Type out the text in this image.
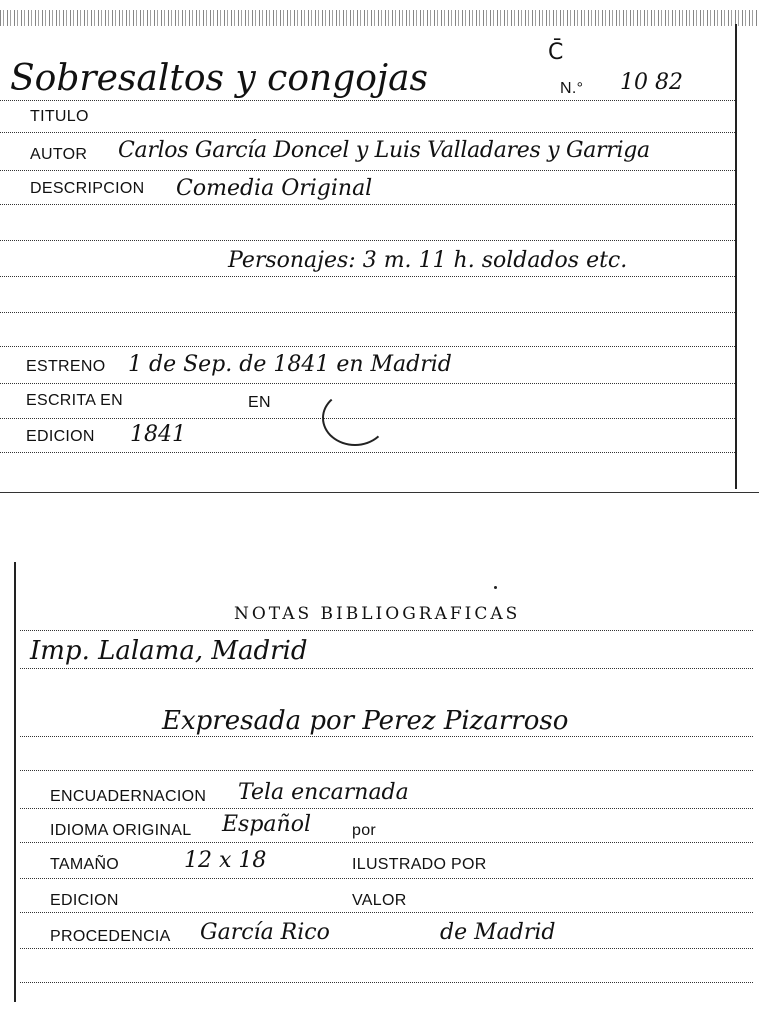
Sobresaltos y congojas
C̄
N.° 10 82
TITULO
AUTOR Carlos García Doncel y Luis Valladares y Garriga
DESCRIPCION Comedia Original
Personajes: 3 m. 11 h. soldados etc.
ESTRENO 1 de Sep. de 1841 en Madrid
ESCRITA EN	EN
EDICION 1841
NOTAS BIBLIOGRAFICAS
Imp. Lalama, Madrid
Expresada por Perez Pizarroso
ENCUADERNACION Tela encarnada
IDIOMA ORIGINAL Español	por
TAMAÑO	12 x 18	ILUSTRADO POR
EDICION	VALOR
PROCEDENCIA García Rico	de Madrid
